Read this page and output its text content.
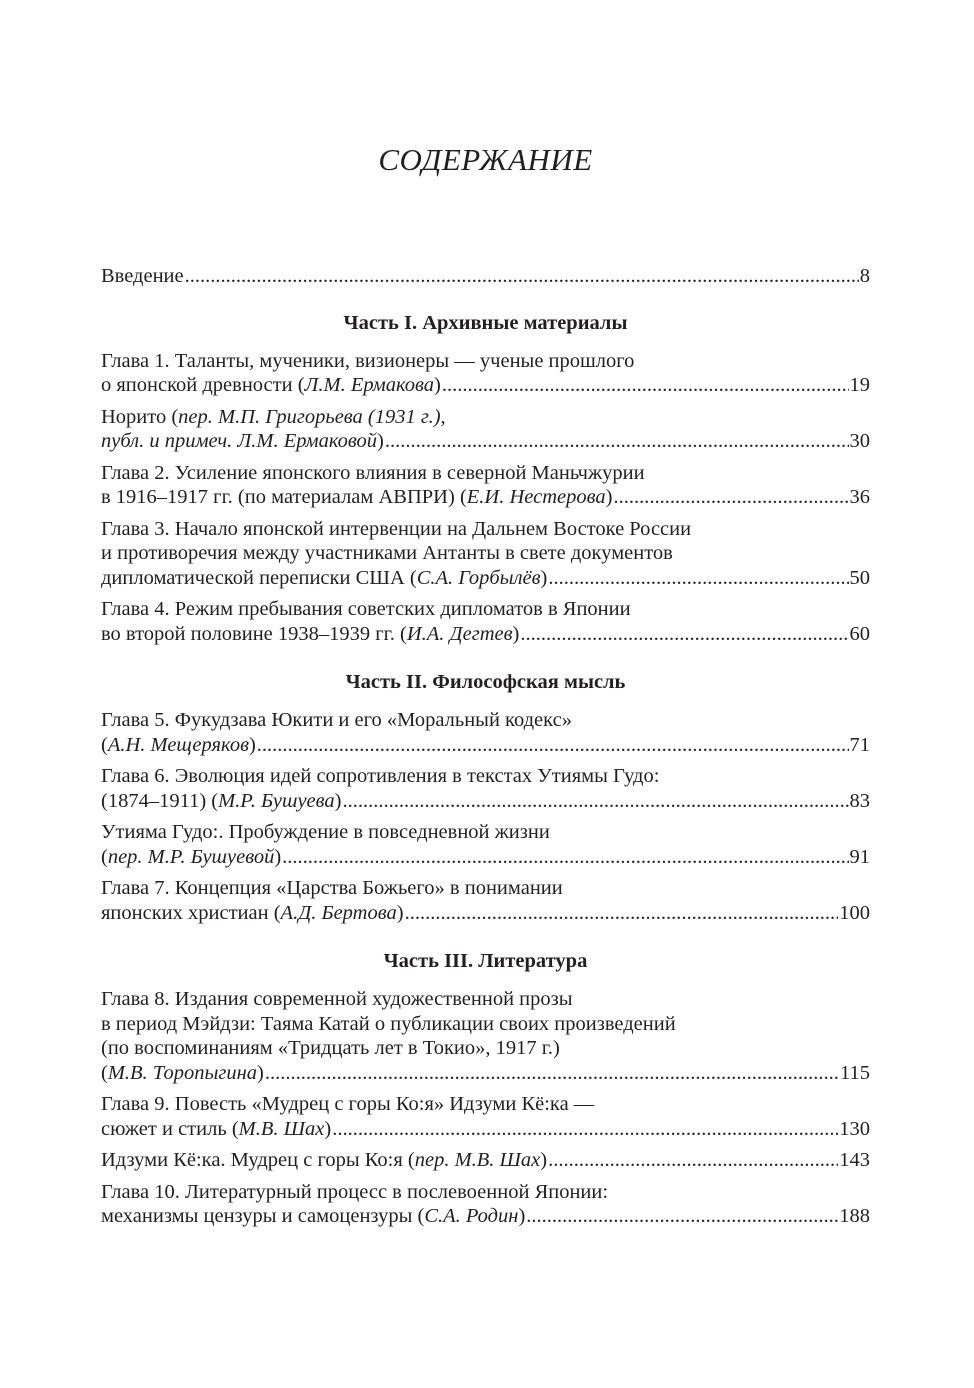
СОДЕРЖАНИЕ
Введение .....	8
Часть I. Архивные материалы
Глава 1. Таланты, мученики, визионеры — ученые прошлого
о японской древности (Л.М. Ермакова) .....	19
Норито (пер. М.П. Григорьева (1931 г.),
публ. и примеч. Л.М. Ермаковой) .....	30
Глава 2. Усиление японского влияния в северной Маньчжурии
в 1916–1917 гг. (по материалам АВПРИ) (Е.И. Нестерова) .....	36
Глава 3. Начало японской интервенции на Дальнем Востоке России
и противоречия между участниками Антанты в свете документов
дипломатической переписки США (С.А. Горбылёв) .....	50
Глава 4. Режим пребывания советских дипломатов в Японии
во второй половине 1938–1939 гг. (И.А. Дегтев) .....	60
Часть II. Философская мысль
Глава 5. Фукудзава Юкити и его «Моральный кодекс»
(А.Н. Мещеряков) .....	71
Глава 6. Эволюция идей сопротивления в текстах Утиямы Гудо:
(1874–1911) (М.Р. Бушуева) .....	83
Утияма Гудо:. Пробуждение в повседневной жизни
(пер. М.Р. Бушуевой) .....	91
Глава 7. Концепция «Царства Божьего» в понимании
японских христиан (А.Д. Бертова) .....	100
Часть III. Литература
Глава 8. Издания современной художественной прозы
в период Мэйдзи: Таяма Катай о публикации своих произведений
(по воспоминаниям «Тридцать лет в Токио», 1917 г.)
(М.В. Торопыгина) .....	115
Глава 9. Повесть «Мудрец с горы Ко:я» Идзуми Кё:ка —
сюжет и стиль (М.В. Шах) .....	130
Идзуми Кё:ка. Мудрец с горы Ко:я (пер. М.В. Шах) .....	143
Глава 10. Литературный процесс в послевоенной Японии:
механизмы цензуры и самоцензуры (С.А. Родин) .....	188
